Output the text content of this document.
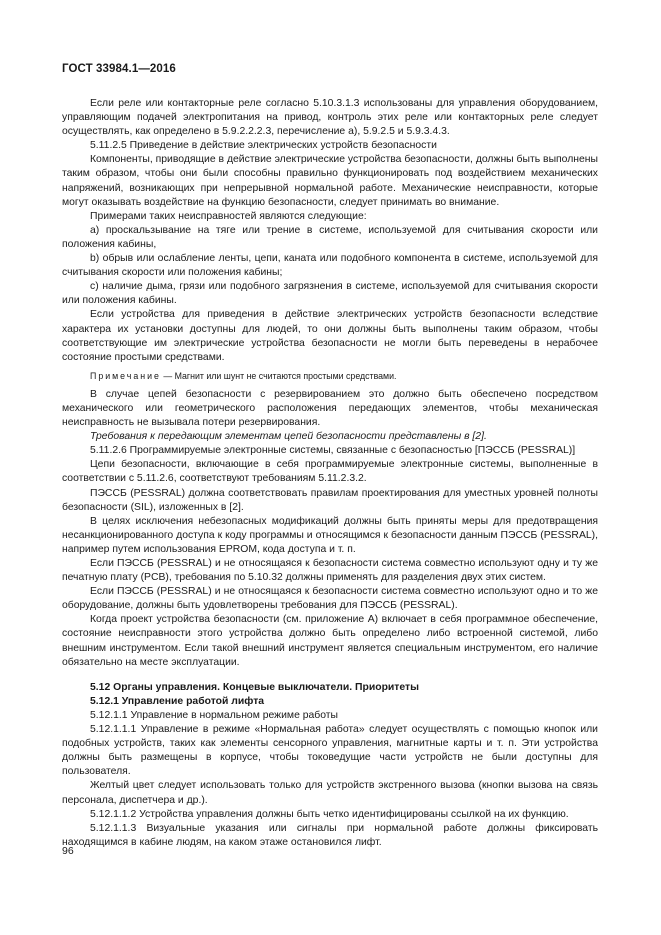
ГОСТ 33984.1—2016

Если реле или контакторные реле согласно 5.10.3.1.3 использованы для управления оборудованием, управляющим подачей электропитания на привод, контроль этих реле или контакторных реле следует осуществлять, как определено в 5.9.2.2.2.3, перечисление а), 5.9.2.5 и 5.9.3.4.3.

5.11.2.5 Приведение в действие электрических устройств безопасности

Компоненты, приводящие в действие электрические устройства безопасности, должны быть выполнены таким образом, чтобы они были способны правильно функционировать под воздействием механических напряжений, возникающих при непрерывной нормальной работе. Механические неисправности, которые могут оказывать воздействие на функцию безопасности, следует принимать во внимание.

Примерами таких неисправностей являются следующие:

а) проскальзывание на тяге или трение в системе, используемой для считывания скорости или положения кабины,

b) обрыв или ослабление ленты, цепи, каната или подобного компонента в системе, используемой для считывания скорости или положения кабины;

с) наличие дыма, грязи или подобного загрязнения в системе, используемой для считывания скорости или положения кабины.

Если устройства для приведения в действие электрических устройств безопасности вследствие характера их установки доступны для людей, то они должны быть выполнены таким образом, чтобы соответствующие им электрические устройства безопасности не могли быть переведены в нерабочее состояние простыми средствами.

Примечание — Магнит или шунт не считаются простыми средствами.

В случае цепей безопасности с резервированием это должно быть обеспечено посредством механического или геометрического расположения передающих элементов, чтобы механическая неисправность не вызывала потери резервирования.

Требования к передающим элементам цепей безопасности представлены в [2].

5.11.2.6 Программируемые электронные системы, связанные с безопасностью [ПЭССБ (PESSRAL)]

Цепи безопасности, включающие в себя программируемые электронные системы, выполненные в соответствии с 5.11.2.6, соответствуют требованиям 5.11.2.3.2.

ПЭССБ (PESSRAL) должна соответствовать правилам проектирования для уместных уровней полноты безопасности (SIL), изложенных в [2].

В целях исключения небезопасных модификаций должны быть приняты меры для предотвращения несанкционированного доступа к коду программы и относящимся к безопасности данным ПЭССБ (PESSRAL), например путем использования EPROM, кода доступа и т. п.

Если ПЭССБ (PESSRAL) и не относящаяся к безопасности система совместно используют одну и ту же печатную плату (PCB), требования по 5.10.32 должны применять для разделения двух этих систем.

Если ПЭССБ (PESSRAL) и не относящаяся к безопасности система совместно используют одно и то же оборудование, должны быть удовлетворены требования для ПЭССБ (PESSRAL).

Когда проект устройства безопасности (см. приложение А) включает в себя программное обеспечение, состояние неисправности этого устройства должно быть определено либо встроенной системой, либо внешним инструментом. Если такой внешний инструмент является специальным инструментом, его наличие обязательно на месте эксплуатации.

5.12 Органы управления. Концевые выключатели. Приоритеты

5.12.1 Управление работой лифта

5.12.1.1 Управление в нормальном режиме работы

5.12.1.1.1 Управление в режиме «Нормальная работа» следует осуществлять с помощью кнопок или подобных устройств, таких как элементы сенсорного управления, магнитные карты и т. п. Эти устройства должны быть размещены в корпусе, чтобы токоведущие части устройств не были доступны для пользователя.

Желтый цвет следует использовать только для устройств экстренного вызова (кнопки вызова на связь персонала, диспетчера и др.).

5.12.1.1.2 Устройства управления должны быть четко идентифицированы ссылкой на их функцию.

5.12.1.1.3 Визуальные указания или сигналы при нормальной работе должны фиксировать находящимся в кабине людям, на каком этаже остановился лифт.

96
